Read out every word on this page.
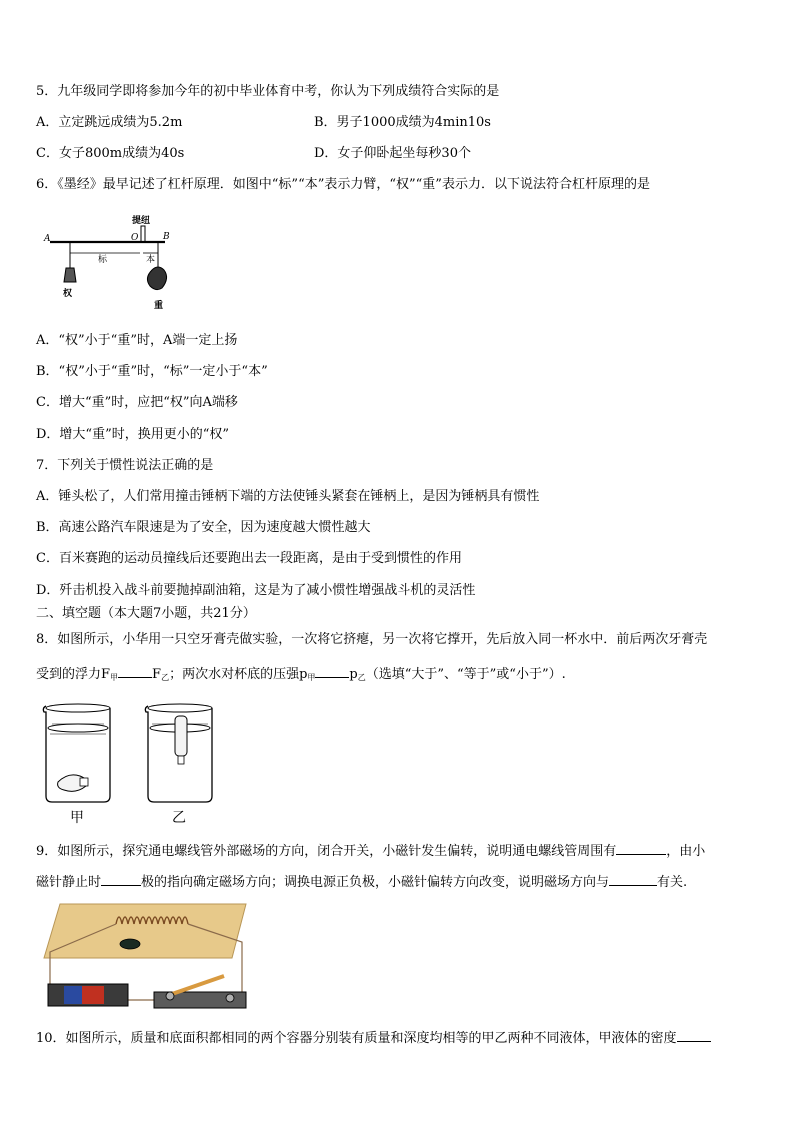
5．九年级同学即将参加今年的初中毕业体育中考，你认为下列成绩符合实际的是
A．立定跳远成绩为5.2m	B．男子1000成绩为4min10s
C．女子800m成绩为40s	D．女子仰卧起坐每秒30个
6．《墨经》最早记述了杠杆原理．如图中“标”“本”表示力臂，“权”“重”表示力．以下说法符合杠杆原理的是
A	O	B
提纽
标	本
权
重
A．“权”小于“重”时，A端一定上扬
B．“权”小于“重”时，“标”一定小于“本”
C．增大“重”时，应把“权”向A端移
D．增大“重”时，换用更小的“权”
7．下列关于惯性说法正确的是
A．锤头松了，人们常用撞击锤柄下端的方法使锤头紧套在锤柄上，是因为锤柄具有惯性
B．高速公路汽车限速是为了安全，因为速度越大惯性越大
C．百米赛跑的运动员撞线后还要跑出去一段距离，是由于受到惯性的作用
D．歼击机投入战斗前要抛掉副油箱，这是为了减小惯性增强战斗机的灵活性
二、填空题（本大题7小题，共21分）
8．如图所示，小华用一只空牙膏壳做实验，一次将它挤瘪，另一次将它撑开，先后放入同一杯水中．前后两次牙膏壳
受到的浮力$F_甲$	$F_乙$；两次水对杯底的压强$p_甲$	$p_乙$（选填“大于”、“等于”或“小于”）.
甲	乙
9．如图所示，探究通电螺线管外部磁场的方向，闭合开关，小磁针发生偏转，说明通电螺线管周围有	，由小
磁针静止时	极的指向确定磁场方向；调换电源正负极，小磁针偏转方向改变，说明磁场方向与	有关.
10．如图所示，质量和底面积都相同的两个容器分别装有质量和深度均相等的甲乙两种不同液体，甲液体的密度
